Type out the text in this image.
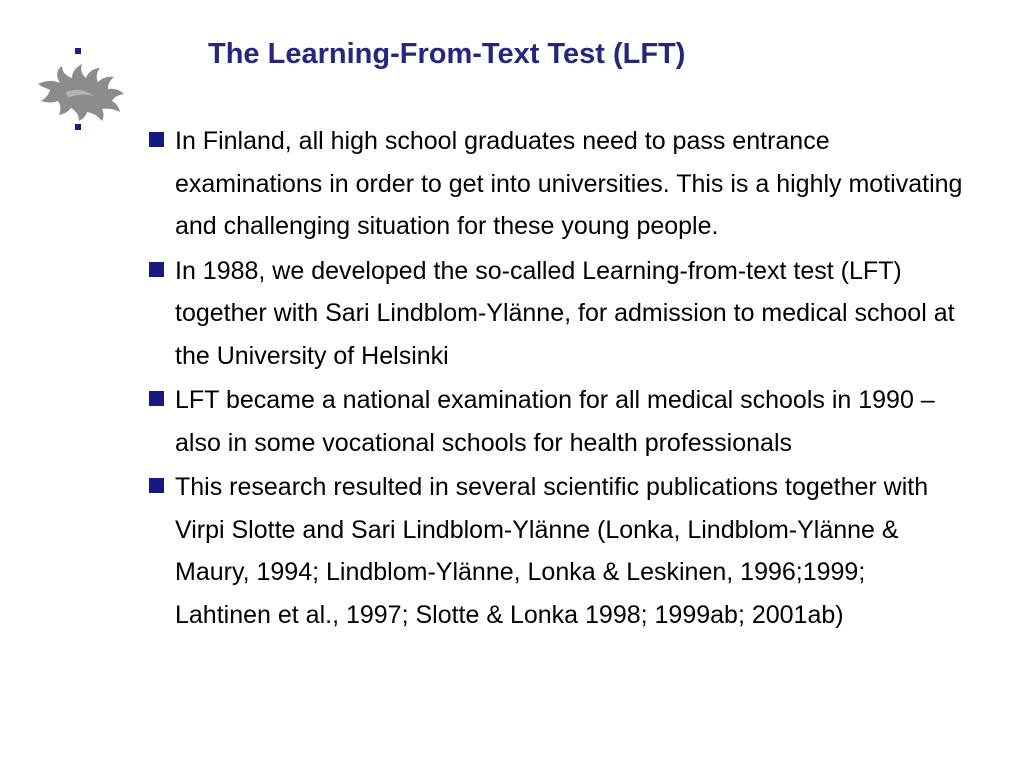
The Learning-From-Text Test (LFT)
In Finland, all high school graduates need to pass entrance examinations in order to get into universities. This is a highly motivating and challenging situation for these young people.
In 1988, we developed the so-called Learning-from-text test (LFT) together with Sari Lindblom-Ylänne, for admission to medical school at the University of Helsinki
LFT became a national examination for all medical schools in 1990 – also in some vocational schools for health professionals
This research resulted in several scientific publications together with Virpi Slotte and Sari Lindblom-Ylänne (Lonka, Lindblom-Ylänne & Maury, 1994; Lindblom-Ylänne, Lonka & Leskinen, 1996;1999; Lahtinen et al., 1997; Slotte & Lonka 1998; 1999ab; 2001ab)
